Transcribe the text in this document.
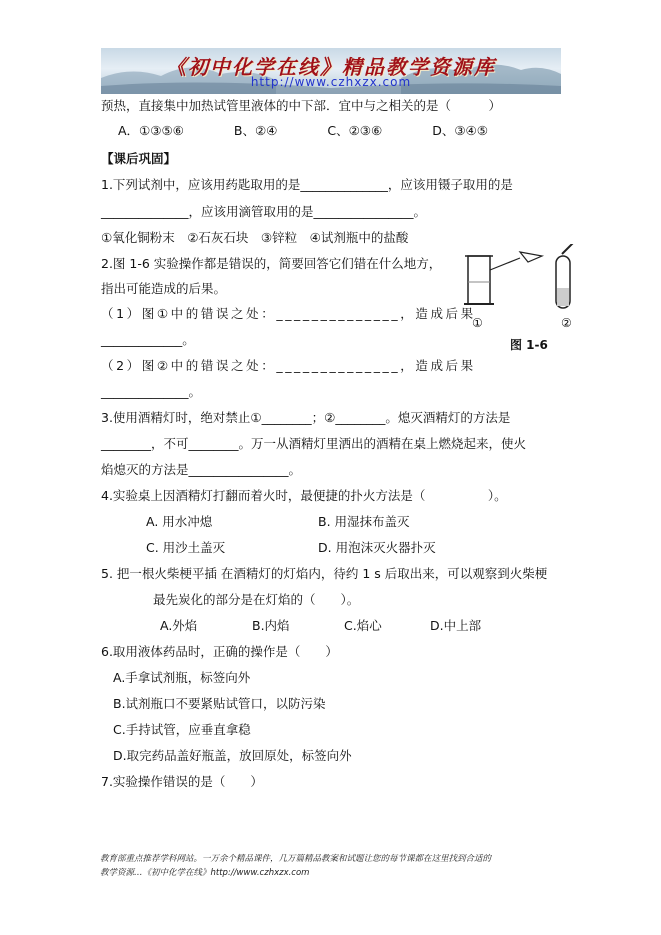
《初中化学在线》精品教学资源库
http://www.czhxzx.com
预热，直接集中加热试管里液体的中下部．宜中与之相关的是（　　　）
A．①③⑤⑥　　　　B、②④　　　　C、②③⑥　　　　D、③④⑤
【课后巩固】
1.下列试剂中，应该用药匙取用的是______________，应该用镊子取用的是
______________，应该用滴管取用的是________________。
①氧化铜粉末　②石灰石块　③锌粒　④试剂瓶中的盐酸
2.图 1-6 实验操作都是错误的，简要回答它们错在什么地方，
指出可能造成的后果。
（1）图①中的错误之处：______________，造成后果
_____________。
（2）图②中的错误之处：______________，造成后果
______________。
①	②
图 1-6
3.使用酒精灯时，绝对禁止①________；②________。熄灭酒精灯的方法是
________，不可________。万一从酒精灯里洒出的酒精在桌上燃烧起来，使火
焰熄灭的方法是________________。
4.实验桌上因酒精灯打翻而着火时，最便捷的扑火方法是（　　　　　）。
A. 用水冲熄	B. 用湿抹布盖灭
C. 用沙土盖灭	D. 用泡沫灭火器扑灭
5. 把一根火柴梗平插 在酒精灯的灯焰内，待约 1 s 后取出来，可以观察到火柴梗
最先炭化的部分是在灯焰的（　　）。
A.外焰	B.内焰	C.焰心	D.中上部
6.取用液体药品时，正确的操作是（　　）
A.手拿试剂瓶，标签向外
B.试剂瓶口不要紧贴试管口，以防污染
C.手持试管，应垂直拿稳
D.取完药品盖好瓶盖，放回原处，标签向外
7.实验操作错误的是（　　）
教育部重点推荐学科网站。一万余个精品课件，几万篇精品教案和试题让您的每节课都在这里找到合适的
教学资源…《初中化学在线》http://www.czhxzx.com
